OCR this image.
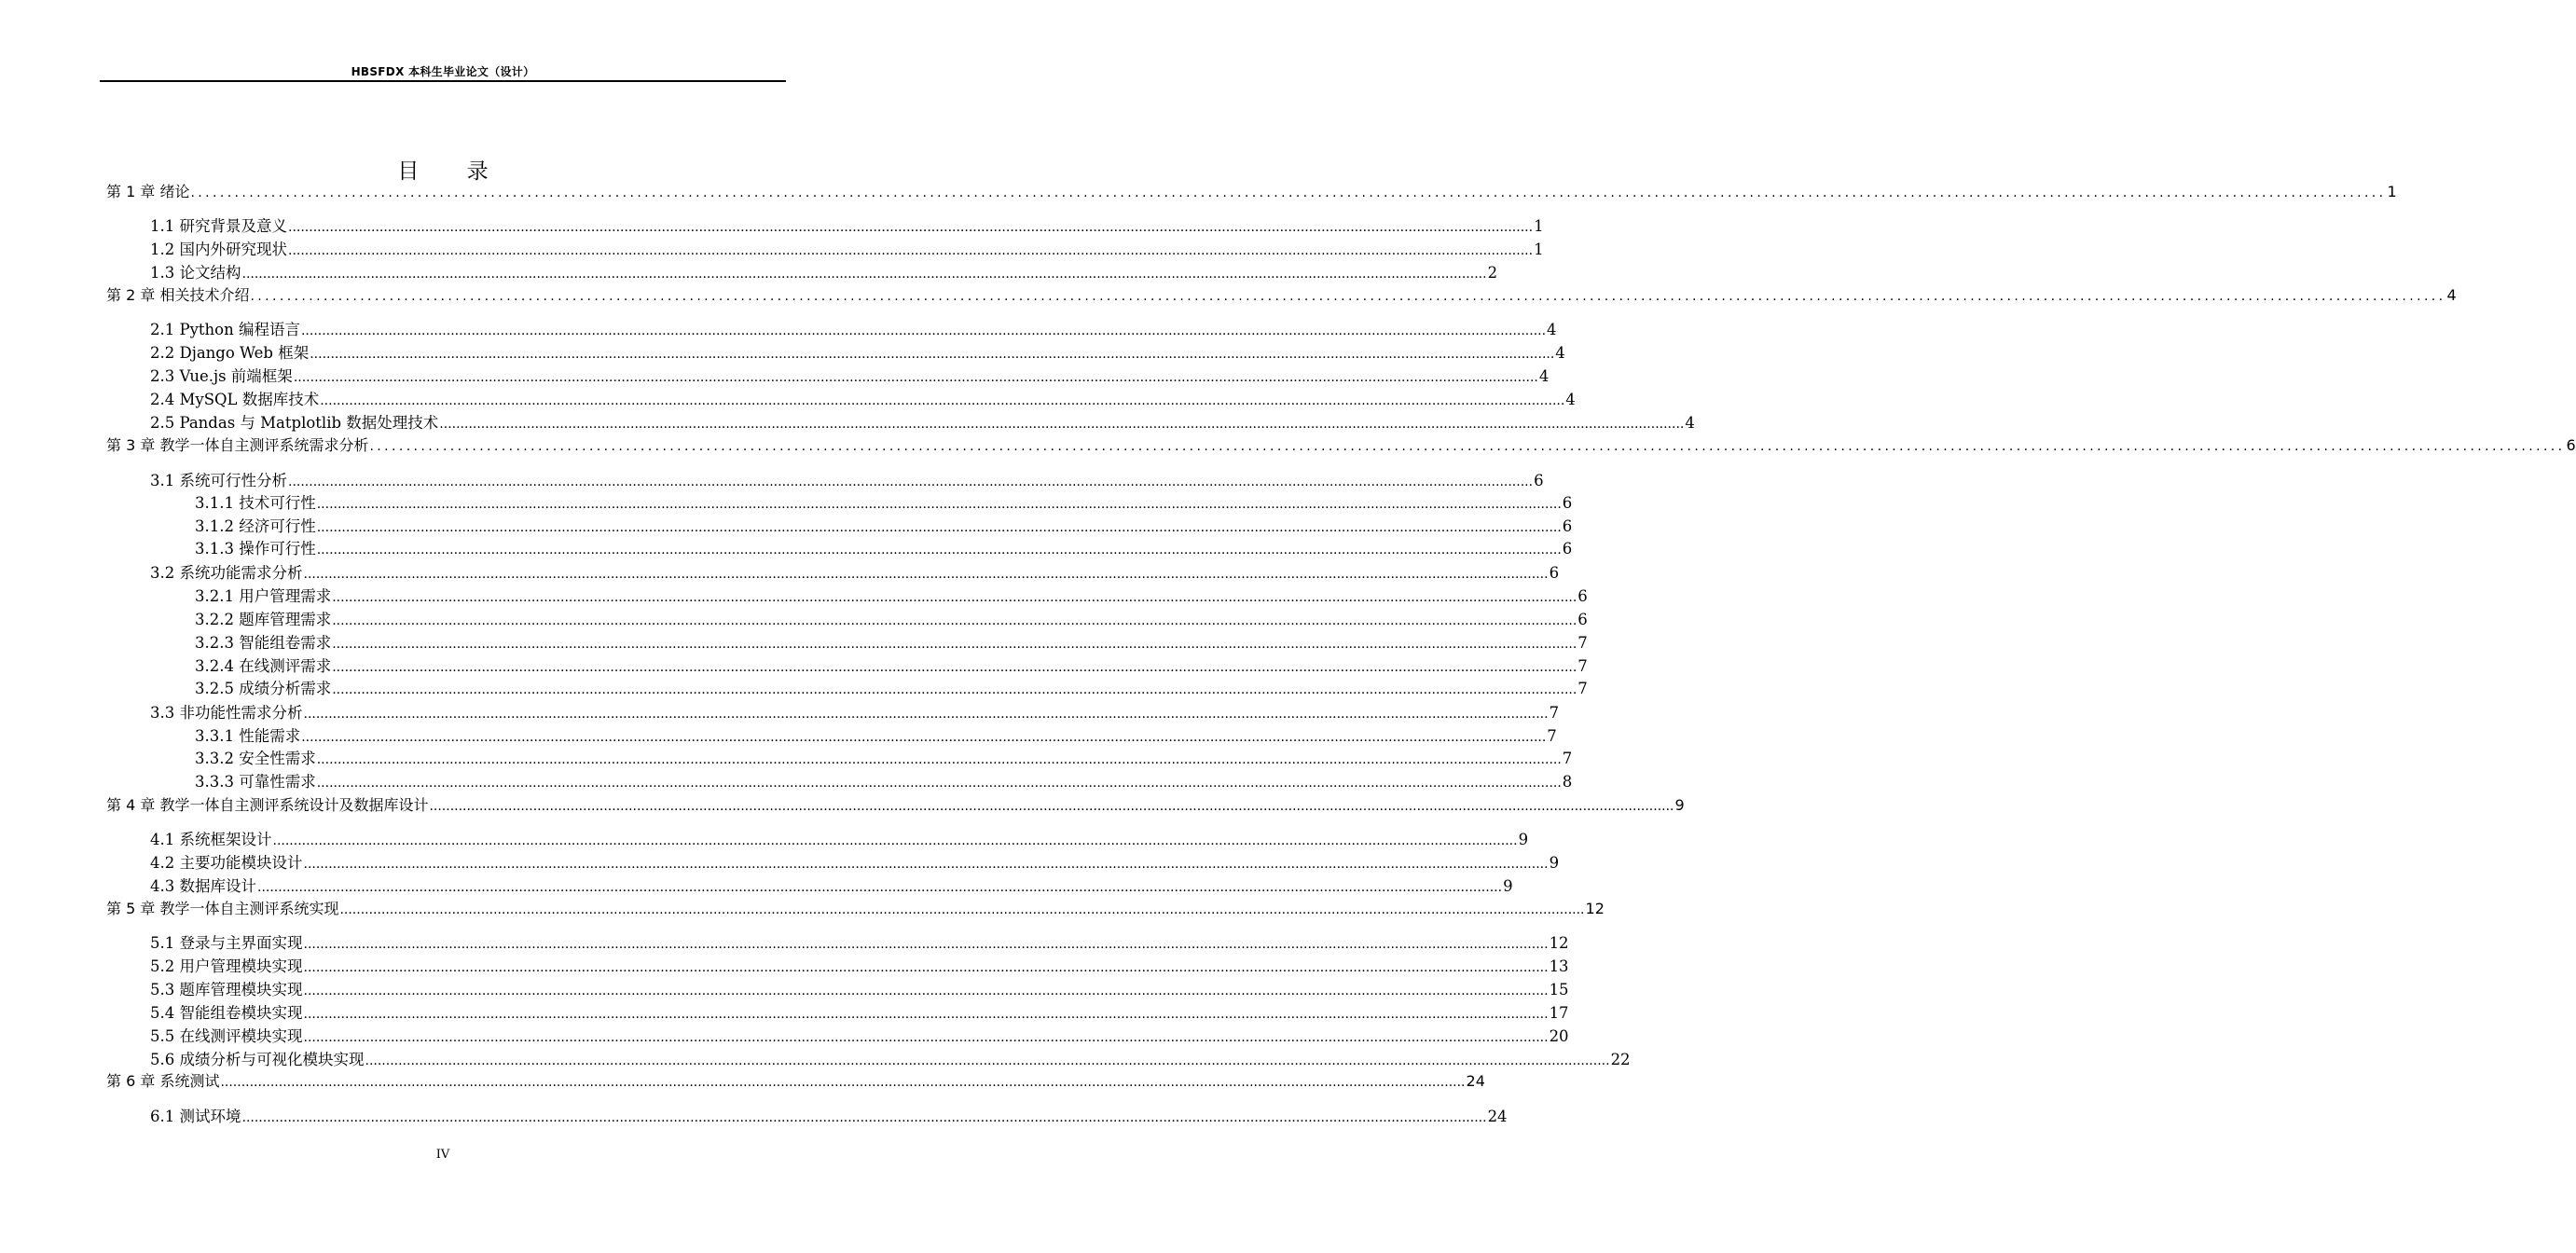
HBSFDX 本科生毕业论文（设计）
目 录
第 1 章 绪论 ............................................................................................................................................................................................................................................................................................................ 1
1.1 研究背景及意义 ............................................................................................................................................................................................................................................................................................................ 1
1.2 国内外研究现状 ............................................................................................................................................................................................................................................................................................................ 1
1.3 论文结构 ............................................................................................................................................................................................................................................................................................................ 2
第 2 章 相关技术介绍 ............................................................................................................................................................................................................................................................................................................ 4
2.1 Python 编程语言 ............................................................................................................................................................................................................................................................................................................ 4
2.2 Django Web 框架 ............................................................................................................................................................................................................................................................................................................ 4
2.3 Vue.js 前端框架 ............................................................................................................................................................................................................................................................................................................ 4
2.4 MySQL 数据库技术 ............................................................................................................................................................................................................................................................................................................ 4
2.5 Pandas 与 Matplotlib 数据处理技术 ............................................................................................................................................................................................................................................................................................................ 4
第 3 章 教学一体自主测评系统需求分析 ............................................................................................................................................................................................................................................................................................................ 6
3.1 系统可行性分析 ............................................................................................................................................................................................................................................................................................................ 6
3.1.1 技术可行性 ............................................................................................................................................................................................................................................................................................................ 6
3.1.2 经济可行性 ............................................................................................................................................................................................................................................................................................................ 6
3.1.3 操作可行性 ............................................................................................................................................................................................................................................................................................................ 6
3.2 系统功能需求分析 ............................................................................................................................................................................................................................................................................................................ 6
3.2.1 用户管理需求 ............................................................................................................................................................................................................................................................................................................ 6
3.2.2 题库管理需求 ............................................................................................................................................................................................................................................................................................................ 6
3.2.3 智能组卷需求 ............................................................................................................................................................................................................................................................................................................ 7
3.2.4 在线测评需求 ............................................................................................................................................................................................................................................................................................................ 7
3.2.5 成绩分析需求 ............................................................................................................................................................................................................................................................................................................ 7
3.3 非功能性需求分析 ............................................................................................................................................................................................................................................................................................................ 7
3.3.1 性能需求 ............................................................................................................................................................................................................................................................................................................ 7
3.3.2 安全性需求 ............................................................................................................................................................................................................................................................................................................ 7
3.3.3 可靠性需求 ............................................................................................................................................................................................................................................................................................................ 8
第 4 章 教学一体自主测评系统设计及数据库设计 ............................................................................................................................................................................................................................................................................................................ 9
4.1 系统框架设计 ............................................................................................................................................................................................................................................................................................................ 9
4.2 主要功能模块设计 ............................................................................................................................................................................................................................................................................................................ 9
4.3 数据库设计 ............................................................................................................................................................................................................................................................................................................ 9
第 5 章 教学一体自主测评系统实现 ............................................................................................................................................................................................................................................................................................................ 12
5.1 登录与主界面实现 ............................................................................................................................................................................................................................................................................................................ 12
5.2 用户管理模块实现 ............................................................................................................................................................................................................................................................................................................ 13
5.3 题库管理模块实现 ............................................................................................................................................................................................................................................................................................................ 15
5.4 智能组卷模块实现 ............................................................................................................................................................................................................................................................................................................ 17
5.5 在线测评模块实现 ............................................................................................................................................................................................................................................................................................................ 20
5.6 成绩分析与可视化模块实现 ............................................................................................................................................................................................................................................................................................................ 22
第 6 章 系统测试 ............................................................................................................................................................................................................................................................................................................ 24
6.1 测试环境 ............................................................................................................................................................................................................................................................................................................ 24
IV
